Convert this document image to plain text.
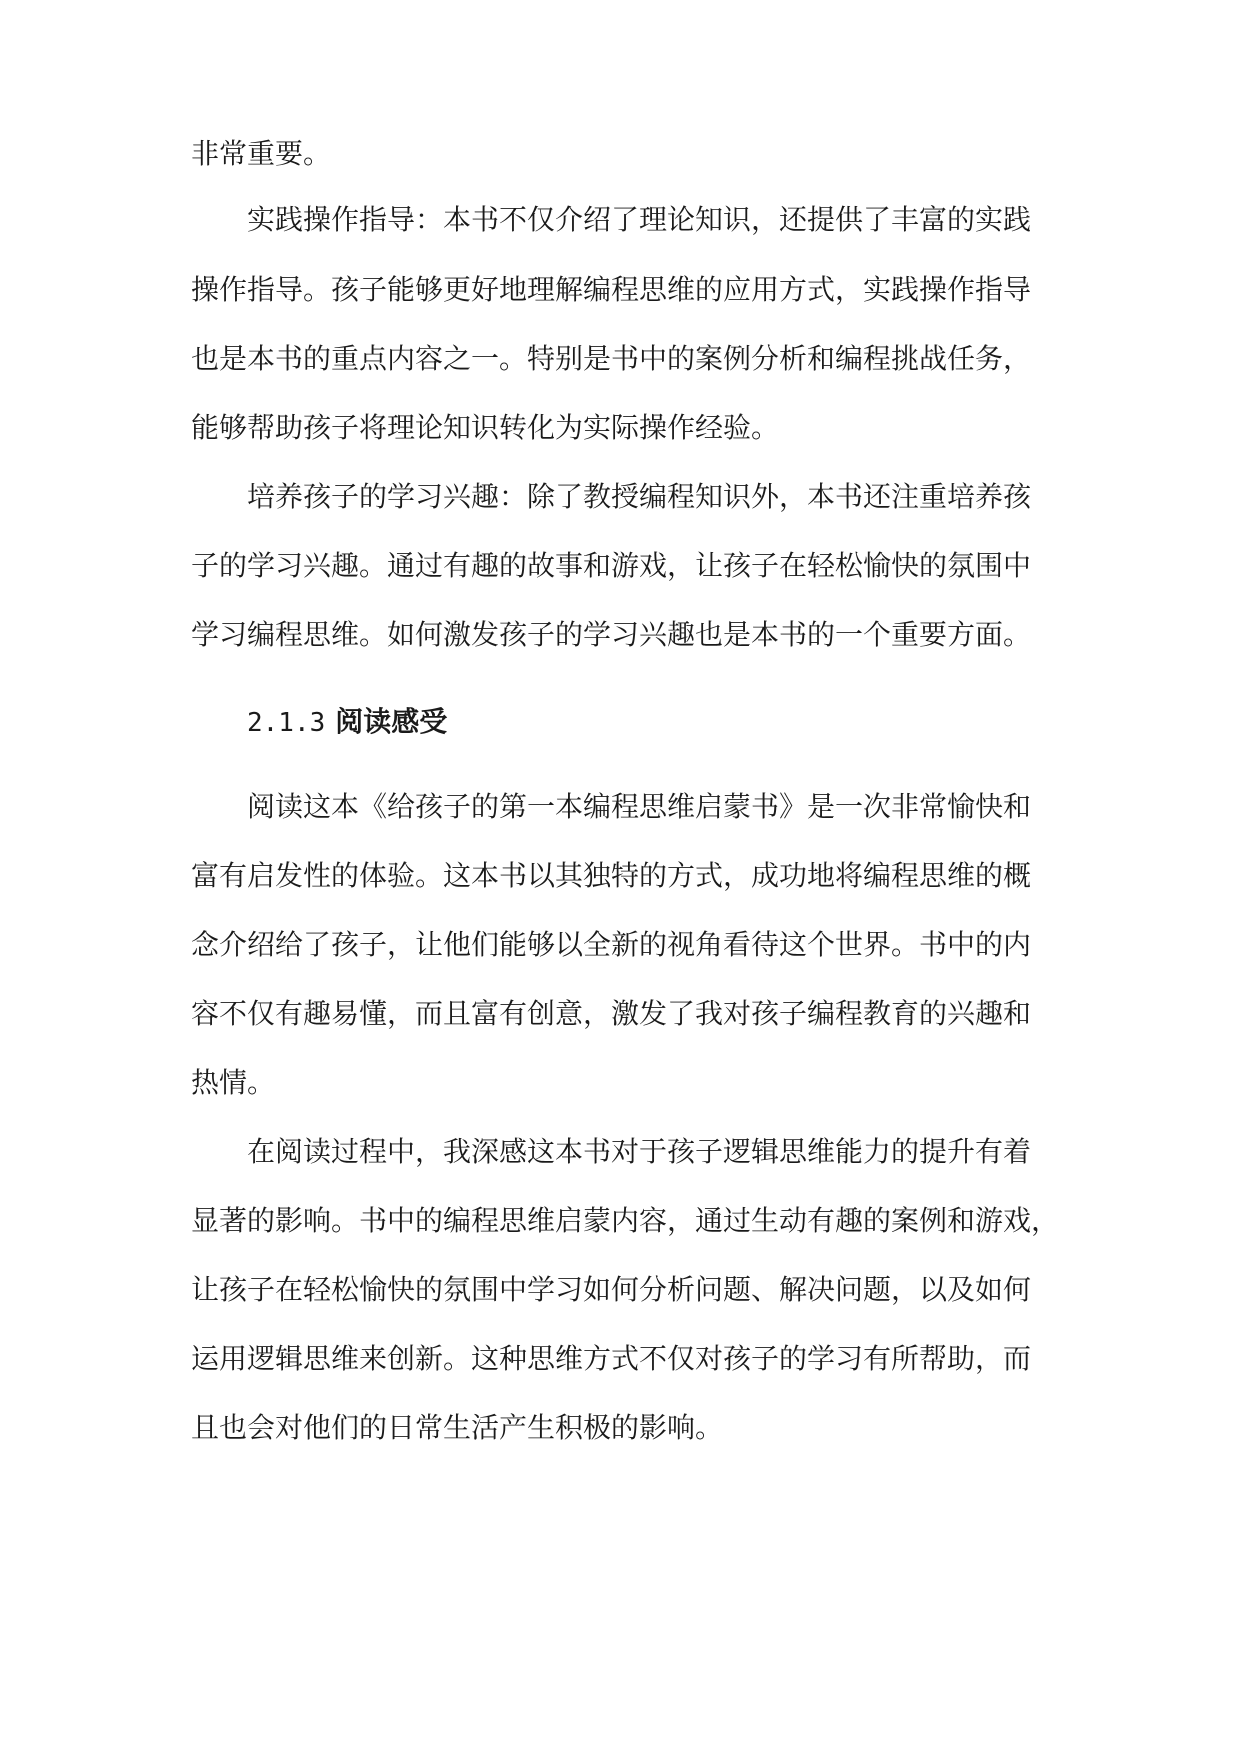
非常重要。
实践操作指导：本书不仅介绍了理论知识，还提供了丰富的实践
操作指导。孩子能够更好地理解编程思维的应用方式，实践操作指导
也是本书的重点内容之一。特别是书中的案例分析和编程挑战任务，
能够帮助孩子将理论知识转化为实际操作经验。
培养孩子的学习兴趣：除了教授编程知识外，本书还注重培养孩
子的学习兴趣。通过有趣的故事和游戏，让孩子在轻松愉快的氛围中
学习编程思维。如何激发孩子的学习兴趣也是本书的一个重要方面。
2.1.3 阅读感受
阅读这本《给孩子的第一本编程思维启蒙书》是一次非常愉快和
富有启发性的体验。这本书以其独特的方式，成功地将编程思维的概
念介绍给了孩子，让他们能够以全新的视角看待这个世界。书中的内
容不仅有趣易懂，而且富有创意，激发了我对孩子编程教育的兴趣和
热情。
在阅读过程中，我深感这本书对于孩子逻辑思维能力的提升有着
显著的影响。书中的编程思维启蒙内容，通过生动有趣的案例和游戏，
让孩子在轻松愉快的氛围中学习如何分析问题、解决问题，以及如何
运用逻辑思维来创新。这种思维方式不仅对孩子的学习有所帮助，而
且也会对他们的日常生活产生积极的影响。
